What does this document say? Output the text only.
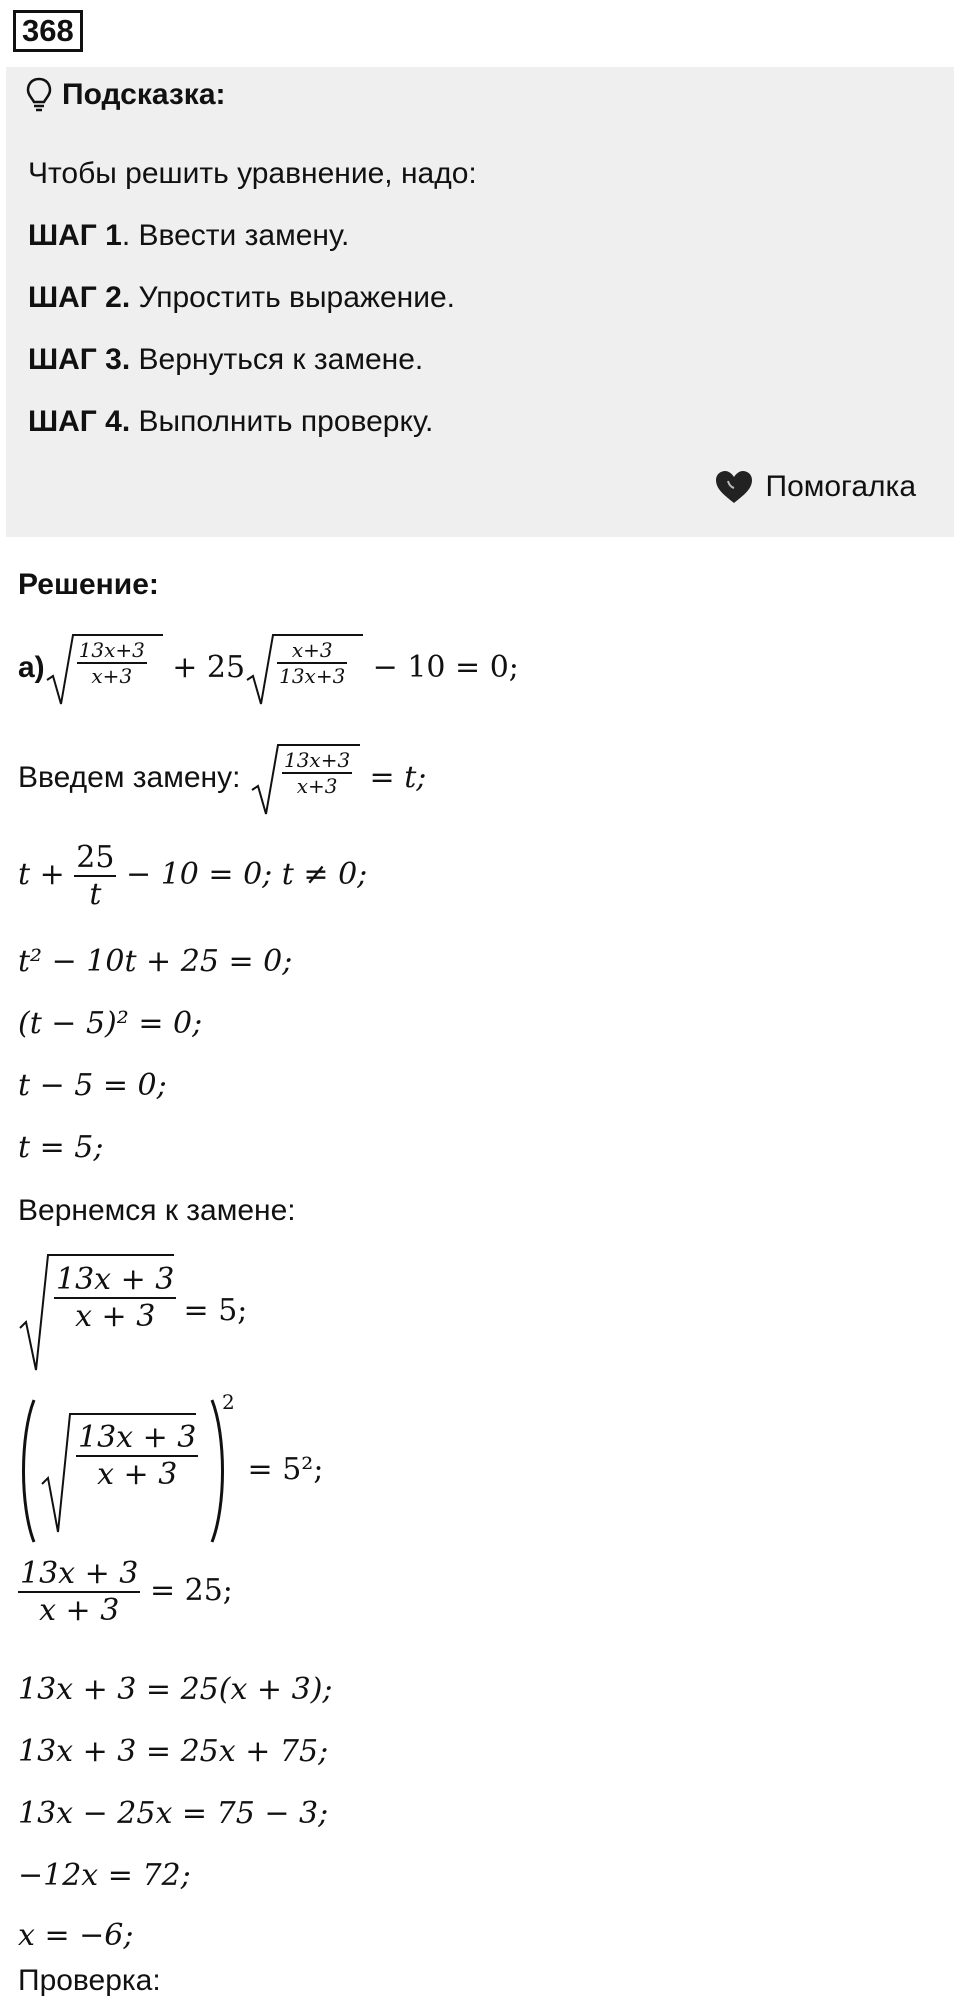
368
Подсказка:
Чтобы решить уравнение, надо:
ШАГ 1. Ввести замену.
ШАГ 2. Упростить выражение.
ШАГ 3. Вернуться к замене.
ШАГ 4. Выполнить проверку.
Помогалка
Решение:
$а) \frac{13x+3}{x+3} + 25 \frac{x+3}{13x+3} - 10 = 0$;
Введем замену: $\frac{13x+3}{x+3} = t$;
$t + \frac{25}{t} - 10 = 0$; t ≠ 0;
t² − 10t + 25 = 0;
(t − 5)² = 0;
t − 5 = 0;
t = 5;
Вернемся к замене:
$\frac{13x + 3}{x + 3} = 5$;
$\frac{13x + 3}{x + 3}$
2
= 5²;
$\frac{13x + 3}{x + 3} = 25$;
13x + 3 = 25(x + 3);
13x + 3 = 25x + 75;
13x − 25x = 75 − 3;
−12x = 72;
x = −6;
Проверка:
